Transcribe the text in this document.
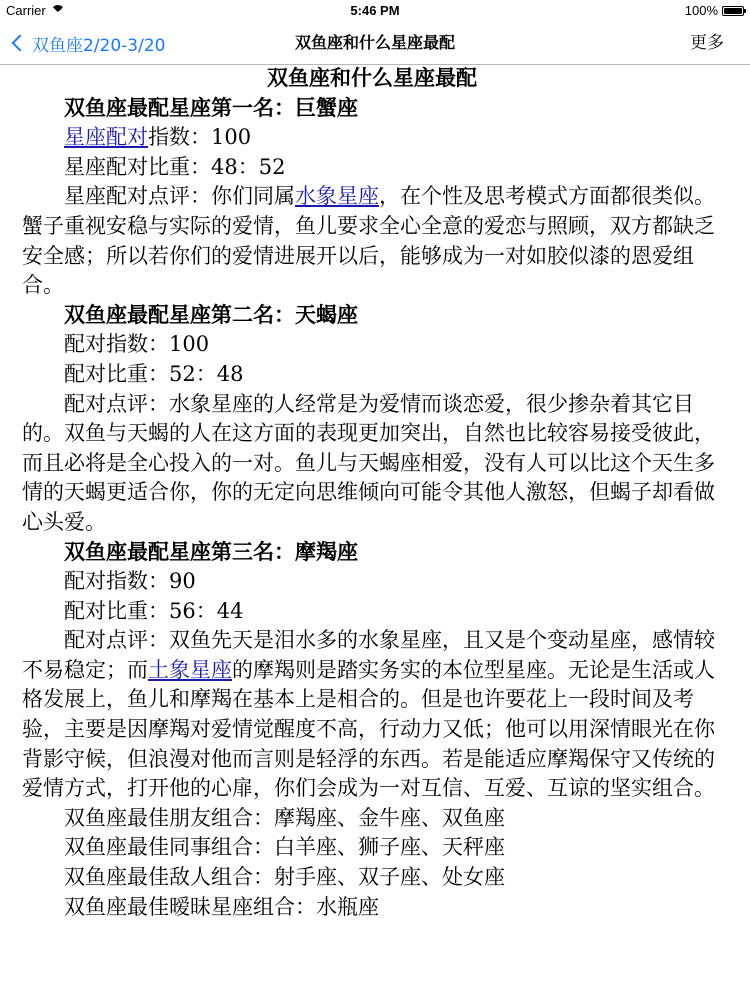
Carrier	5:46 PM	100%
双鱼座2/20-3/20	双鱼座和什么星座最配	更多

双鱼座和什么星座最配

双鱼座最配星座第一名：巨蟹座

星座配对指数：100

星座配对比重：48：52

星座配对点评：你们同属水象星座，在个性及思考模式方面都很类似。蟹子重视安稳与实际的爱情，鱼儿要求全心全意的爱恋与照顾，双方都缺乏安全感；所以若你们的爱情进展开以后，能够成为一对如胶似漆的恩爱组合。

双鱼座最配星座第二名：天蝎座

配对指数：100

配对比重：52：48

配对点评：水象星座的人经常是为爱情而谈恋爱，很少掺杂着其它目的。双鱼与天蝎的人在这方面的表现更加突出，自然也比较容易接受彼此，而且必将是全心投入的一对。鱼儿与天蝎座相爱，没有人可以比这个天生多情的天蝎更适合你，你的无定向思维倾向可能令其他人激怒，但蝎子却看做心头爱。

双鱼座最配星座第三名：摩羯座

配对指数：90

配对比重：56：44

配对点评：双鱼先天是泪水多的水象星座，且又是个变动星座，感情较不易稳定；而土象星座的摩羯则是踏实务实的本位型星座。无论是生活或人格发展上，鱼儿和摩羯在基本上是相合的。但是也许要花上一段时间及考验，主要是因摩羯对爱情觉醒度不高，行动力又低；他可以用深情眼光在你背影守候，但浪漫对他而言则是轻浮的东西。若是能适应摩羯保守又传统的爱情方式，打开他的心扉，你们会成为一对互信、互爱、互谅的坚实组合。

双鱼座最佳朋友组合：摩羯座、金牛座、双鱼座

双鱼座最佳同事组合：白羊座、狮子座、天秤座

双鱼座最佳敌人组合：射手座、双子座、处女座

双鱼座最佳暧昧星座组合：水瓶座
